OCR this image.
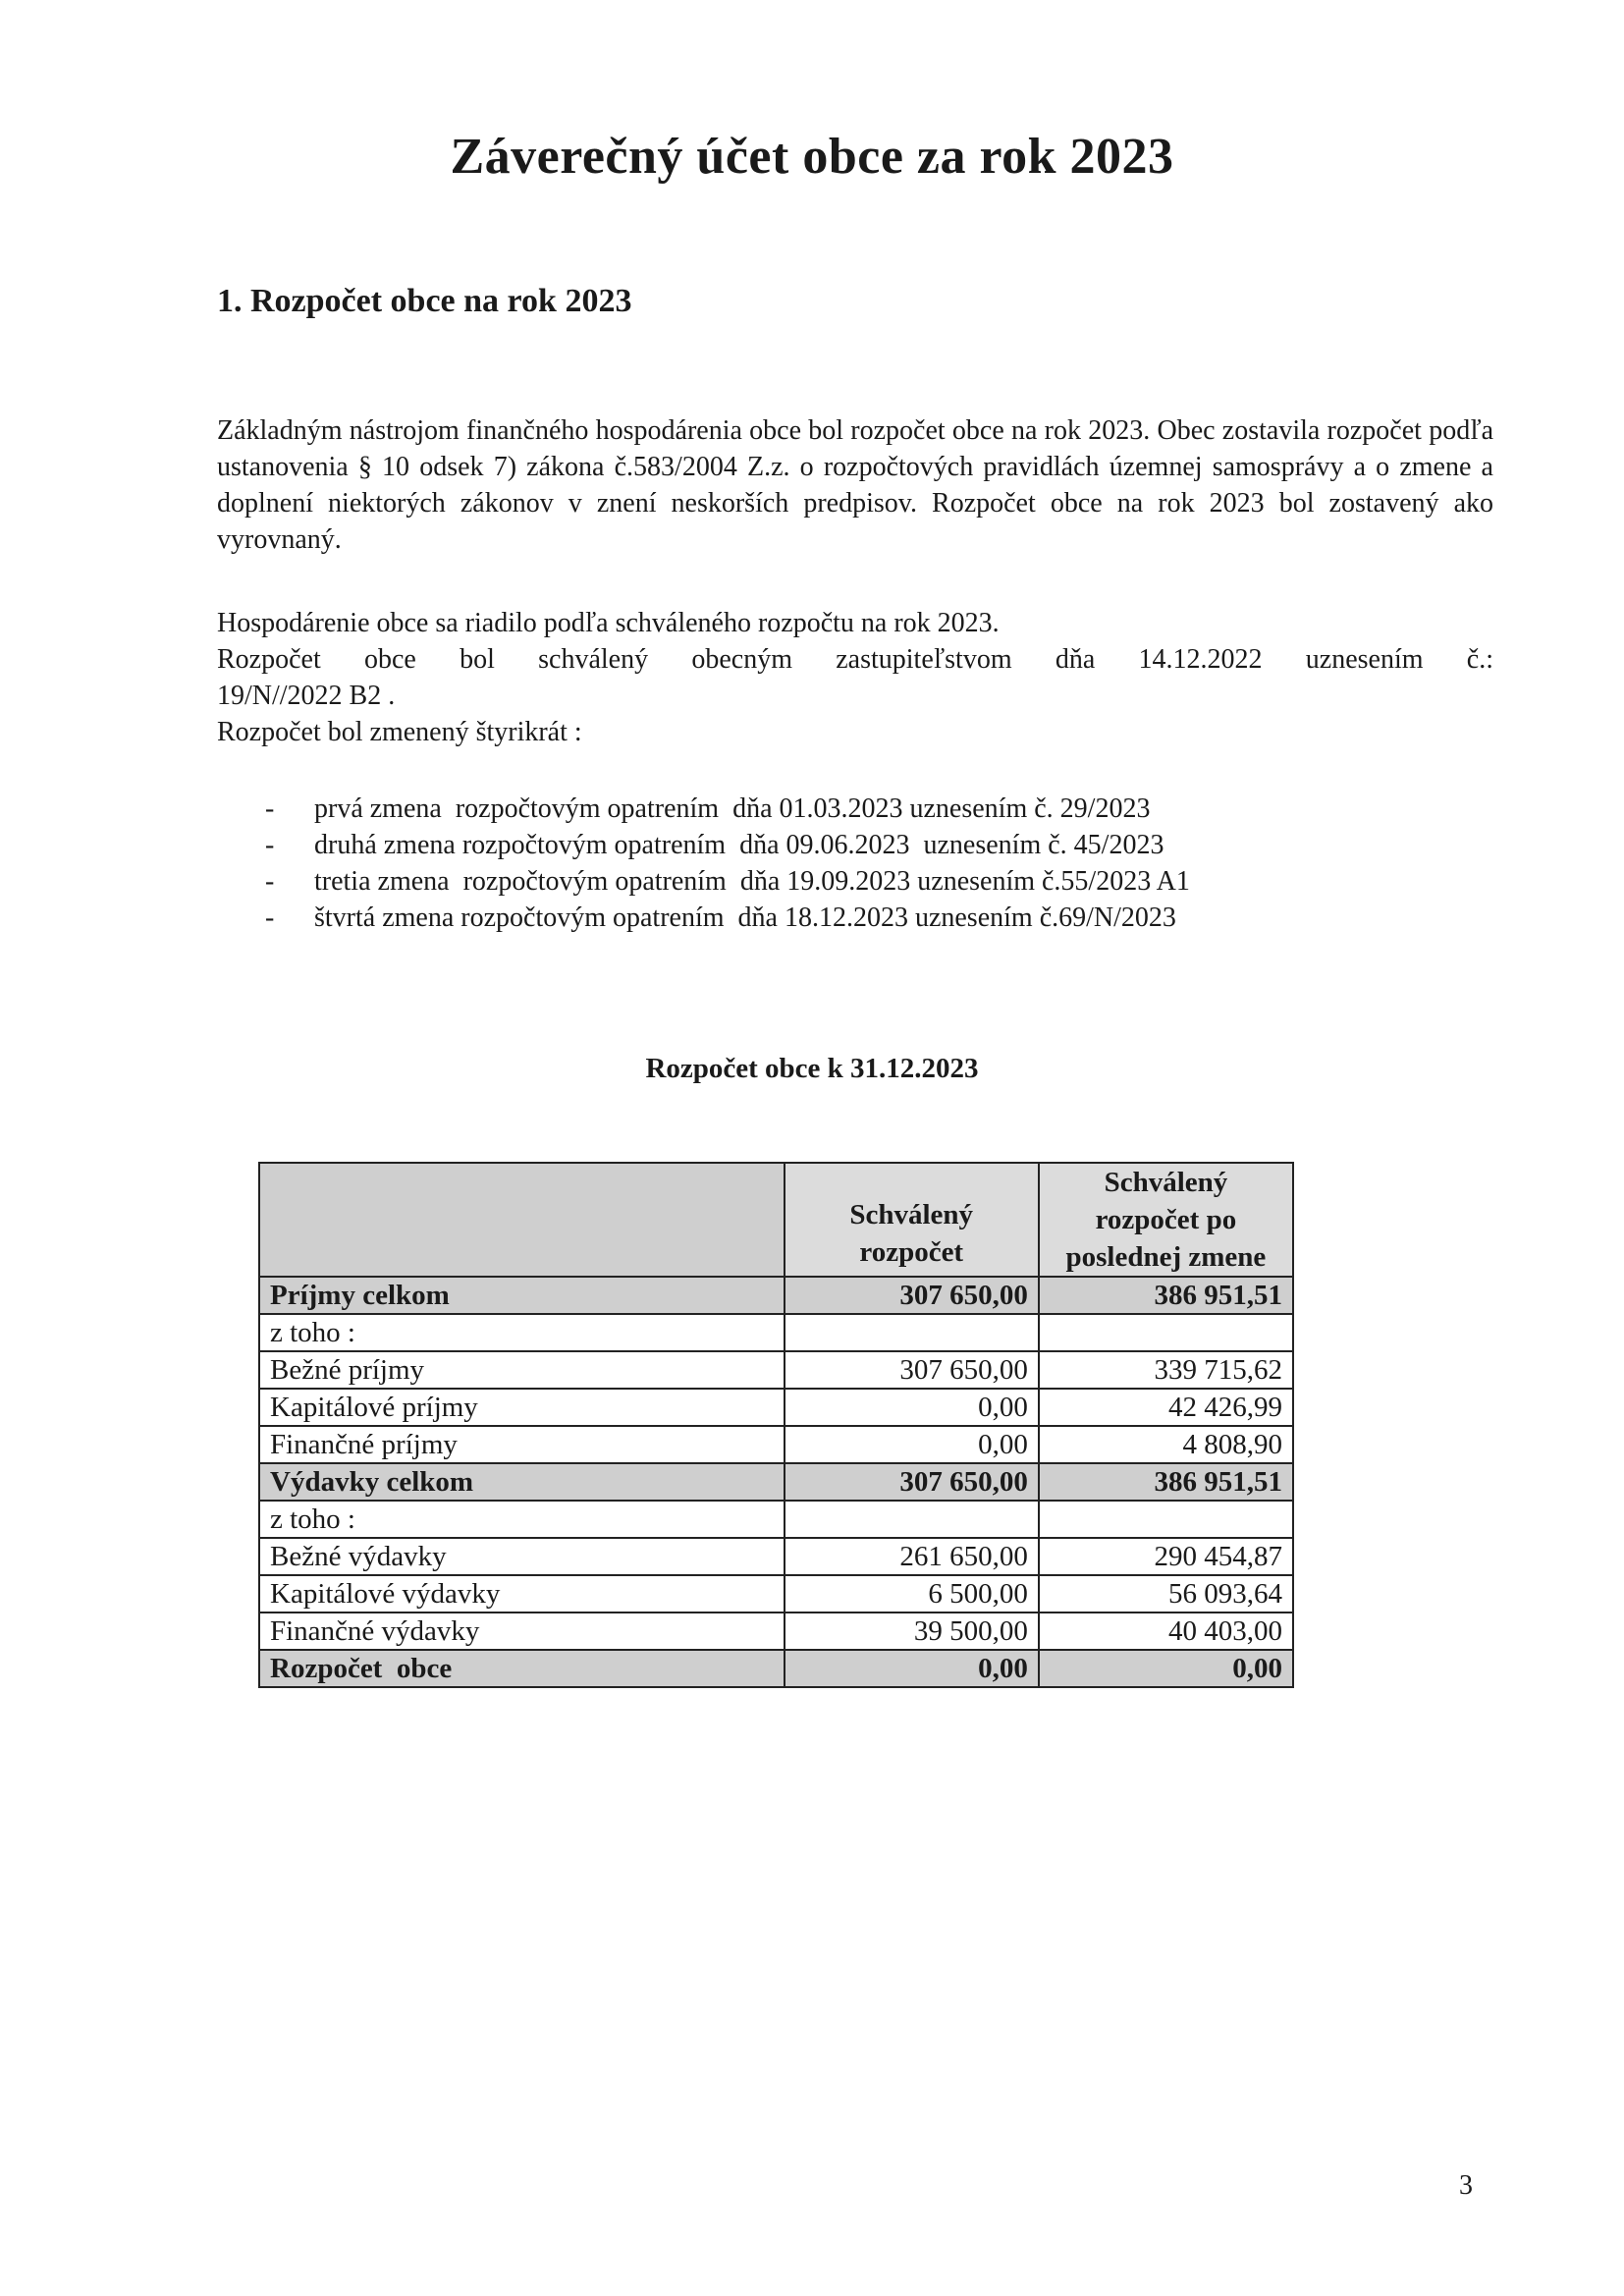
Záverečný účet obce za rok 2023
1. Rozpočet obce na rok 2023
Základným nástrojom finančného hospodárenia obce bol rozpočet obce na rok 2023. Obec zostavila rozpočet podľa ustanovenia § 10 odsek 7) zákona č.583/2004 Z.z. o rozpočtových pravidlách územnej samosprávy a o zmene a doplnení niektorých zákonov v znení neskorších predpisov. Rozpočet obce na rok 2023 bol zostavený ako vyrovnaný.
Hospodárenie obce sa riadilo podľa schváleného rozpočtu na rok 2023.
Rozpočet obce bol schválený obecným zastupiteľstvom dňa 14.12.2022 uznesením č.:
19/N//2022 B2 .
Rozpočet bol zmenený štyrikrát :
- prvá zmena  rozpočtovým opatrením  dňa 01.03.2023 uznesením č. 29/2023
- druhá zmena rozpočtovým opatrením  dňa 09.06.2023  uznesením č. 45/2023
- tretia zmena  rozpočtovým opatrením  dňa 19.09.2023 uznesením č.55/2023 A1
- štvrtá zmena rozpočtovým opatrením  dňa 18.12.2023 uznesením č.69/N/2023
Rozpočet obce k 31.12.2023
	Schválený rozpočet	Schválený rozpočet po poslednej zmene
Príjmy celkom	307 650,00	386 951,51
z toho :		
Bežné príjmy	307 650,00	339 715,62
Kapitálové príjmy	0,00	42 426,99
Finančné príjmy	0,00	4 808,90
Výdavky celkom	307 650,00	386 951,51
z toho :		
Bežné výdavky	261 650,00	290 454,87
Kapitálové výdavky	6 500,00	56 093,64
Finančné výdavky	39 500,00	40 403,00
Rozpočet  obce	0,00	0,00
3
